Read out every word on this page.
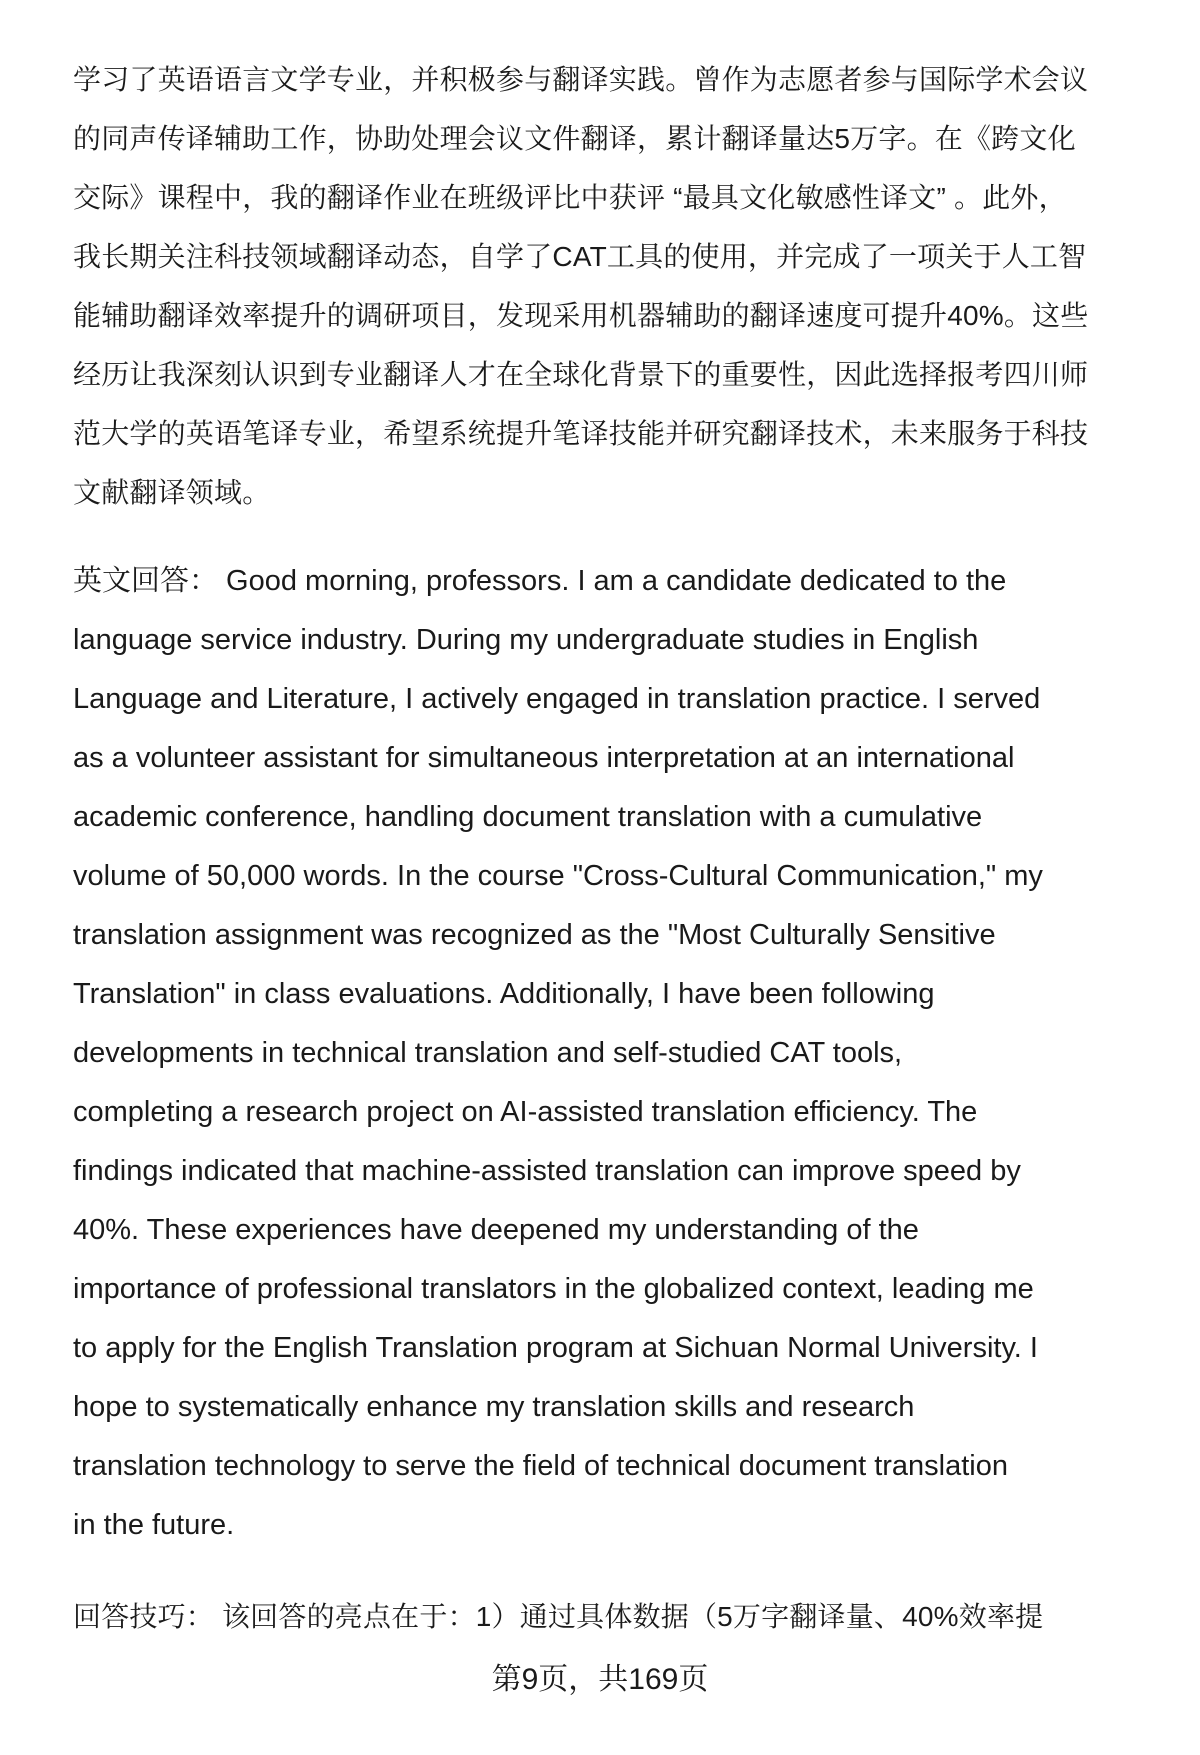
学习了英语语言文学专业，并积极参与翻译实践。曾作为志愿者参与国际学术会议
的同声传译辅助工作，协助处理会议文件翻译，累计翻译量达5万字。在《跨文化
交际》课程中，我的翻译作业在班级评比中获评 “最具文化敏感性译文” 。此外，
我长期关注科技领域翻译动态，自学了CAT工具的使用，并完成了一项关于人工智
能辅助翻译效率提升的调研项目，发现采用机器辅助的翻译速度可提升40%。这些
经历让我深刻认识到专业翻译人才在全球化背景下的重要性，因此选择报考四川师
范大学的英语笔译专业，希望系统提升笔译技能并研究翻译技术，未来服务于科技
文献翻译领域。
英文回答： Good morning, professors. I am a candidate dedicated to the
language service industry. During my undergraduate studies in English
Language and Literature, I actively engaged in translation practice. I served
as a volunteer assistant for simultaneous interpretation at an international
academic conference, handling document translation with a cumulative
volume of 50,000 words. In the course "Cross-Cultural Communication," my
translation assignment was recognized as the "Most Culturally Sensitive
Translation" in class evaluations. Additionally, I have been following
developments in technical translation and self-studied CAT tools,
completing a research project on AI-assisted translation efficiency. The
findings indicated that machine-assisted translation can improve speed by
40%. These experiences have deepened my understanding of the
importance of professional translators in the globalized context, leading me
to apply for the English Translation program at Sichuan Normal University. I
hope to systematically enhance my translation skills and research
translation technology to serve the field of technical document translation
in the future.
回答技巧： 该回答的亮点在于：1）通过具体数据（5万字翻译量、40%效率提
第9页，共169页
